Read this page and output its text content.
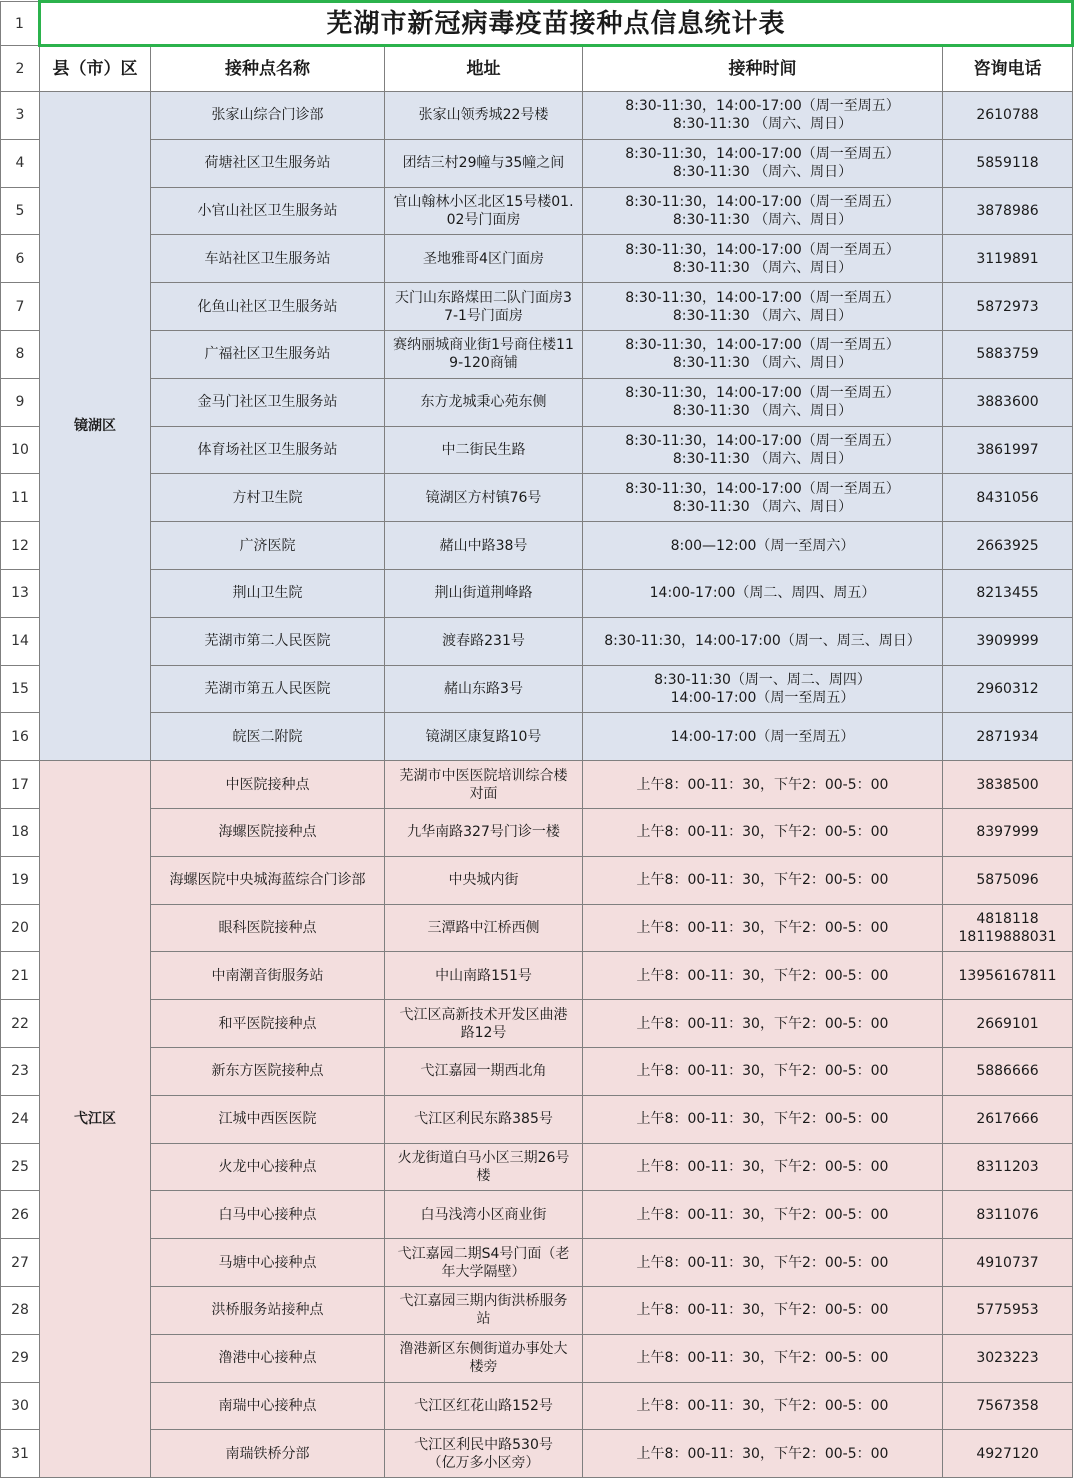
1	芜湖市新冠病毒疫苗接种点信息统计表				
2	县（市）区	接种点名称	地址	接种时间	咨询电话
3	镜湖区	张家山综合门诊部	张家山领秀城22号楼	8:30-11:30，14:00-17:00（周一至周五）
8:30-11:30 （周六、周日）	2610788

4		荷塘社区卫生服务站	团结三村29幢与35幢之间	8:30-11:30，14:00-17:00（周一至周五）
8:30-11:30 （周六、周日）	5859118

5		小官山社区卫生服务站	官山翰林小区北区15号楼01.
02号门面房	8:30-11:30，14:00-17:00（周一至周五）
8:30-11:30 （周六、周日）	3878986

6		车站社区卫生服务站	圣地雅哥4区门面房	8:30-11:30，14:00-17:00（周一至周五）
8:30-11:30 （周六、周日）	3119891

7		化鱼山社区卫生服务站	天门山东路煤田二队门面房3
7-1号门面房	8:30-11:30，14:00-17:00（周一至周五）
8:30-11:30 （周六、周日）	5872973

8		广福社区卫生服务站	赛纳丽城商业街1号商住楼11
9-120商铺	8:30-11:30，14:00-17:00（周一至周五）
8:30-11:30 （周六、周日）	5883759

9		金马门社区卫生服务站	东方龙城秉心苑东侧	8:30-11:30，14:00-17:00（周一至周五）
8:30-11:30 （周六、周日）	3883600

10		体育场社区卫生服务站	中二街民生路	8:30-11:30，14:00-17:00（周一至周五）
8:30-11:30 （周六、周日）	3861997

11		方村卫生院	镜湖区方村镇76号	8:30-11:30，14:00-17:00（周一至周五）
8:30-11:30 （周六、周日）	8431056

12		广济医院	赭山中路38号	8:00—12:00（周一至周六）	2663925

13		荆山卫生院	荆山街道荆峰路	14:00-17:00（周二、周四、周五）	8213455

14		芜湖市第二人民医院	渡春路231号	8:30-11:30，14:00-17:00（周一、周三、周日）	3909999

15		芜湖市第五人民医院	赭山东路3号	8:30-11:30（周一、周二、周四）
14:00-17:00（周一至周五）	2960312

16		皖医二附院	镜湖区康复路10号	14:00-17:00（周一至周五）	2871934

17	弋江区	中医院接种点	芜湖市中医医院培训综合楼
对面	上午8：00-11：30，下午2：00-5：00	3838500

18		海螺医院接种点	九华南路327号门诊一楼	上午8：00-11：30，下午2：00-5：00	8397999

19		海螺医院中央城海蓝综合门诊部	中央城内街	上午8：00-11：30，下午2：00-5：00	5875096

20		眼科医院接种点	三潭路中江桥西侧	上午8：00-11：30，下午2：00-5：00	4818118
18119888031

21		中南潮音街服务站	中山南路151号	上午8：00-11：30，下午2：00-5：00	13956167811

22		和平医院接种点	弋江区高新技术开发区曲港
路12号	上午8：00-11：30，下午2：00-5：00	2669101

23		新东方医院接种点	弋江嘉园一期西北角	上午8：00-11：30，下午2：00-5：00	5886666

24		江城中西医医院	弋江区利民东路385号	上午8：00-11：30，下午2：00-5：00	2617666

25		火龙中心接种点	火龙街道白马小区三期26号
楼	上午8：00-11：30，下午2：00-5：00	8311203

26		白马中心接种点	白马浅湾小区商业街	上午8：00-11：30，下午2：00-5：00	8311076

27		马塘中心接种点	弋江嘉园二期S4号门面（老
年大学隔壁）	上午8：00-11：30，下午2：00-5：00	4910737

28		洪桥服务站接种点	弋江嘉园三期内街洪桥服务
站	上午8：00-11：30，下午2：00-5：00	5775953

29		澛港中心接种点	澛港新区东侧街道办事处大
楼旁	上午8：00-11：30，下午2：00-5：00	3023223

30		南瑞中心接种点	弋江区红花山路152号	上午8：00-11：30，下午2：00-5：00	7567358

31		南瑞铁桥分部	弋江区利民中路530号
（亿万多小区旁）	上午8：00-11：30，下午2：00-5：00	4927120
